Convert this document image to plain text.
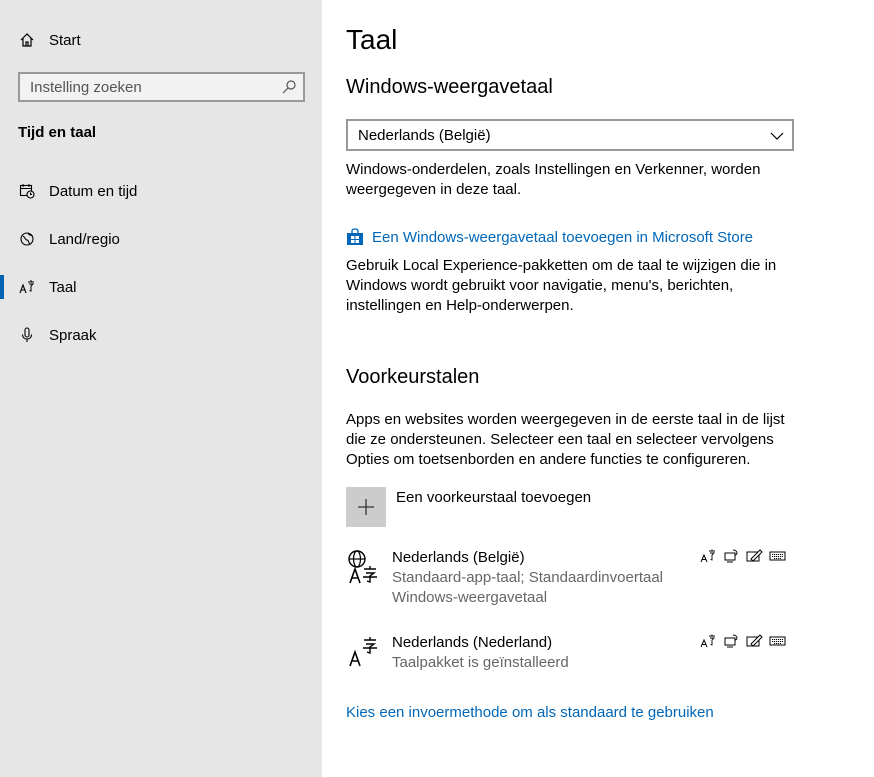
Start
Instelling zoeken
Tijd en taal
Datum en tijd
Land/regio
Taal
Spraak
Taal
Windows-weergavetaal
Nederlands (België)
Windows-onderdelen, zoals Instellingen en Verkenner, worden
weergegeven in deze taal.
Een Windows-weergavetaal toevoegen in Microsoft Store
Gebruik Local Experience-pakketten om de taal te wijzigen die in
Windows wordt gebruikt voor navigatie, menu's, berichten,
instellingen en Help-onderwerpen.
Voorkeurstalen
Apps en websites worden weergegeven in de eerste taal in de lijst
die ze ondersteunen. Selecteer een taal en selecteer vervolgens
Opties om toetsenborden en andere functies te configureren.
Een voorkeurstaal toevoegen
Nederlands (België)
Standaard-app-taal; Standaardinvoertaal
Windows-weergavetaal
Nederlands (Nederland)
Taalpakket is geïnstalleerd
Kies een invoermethode om als standaard te gebruiken
